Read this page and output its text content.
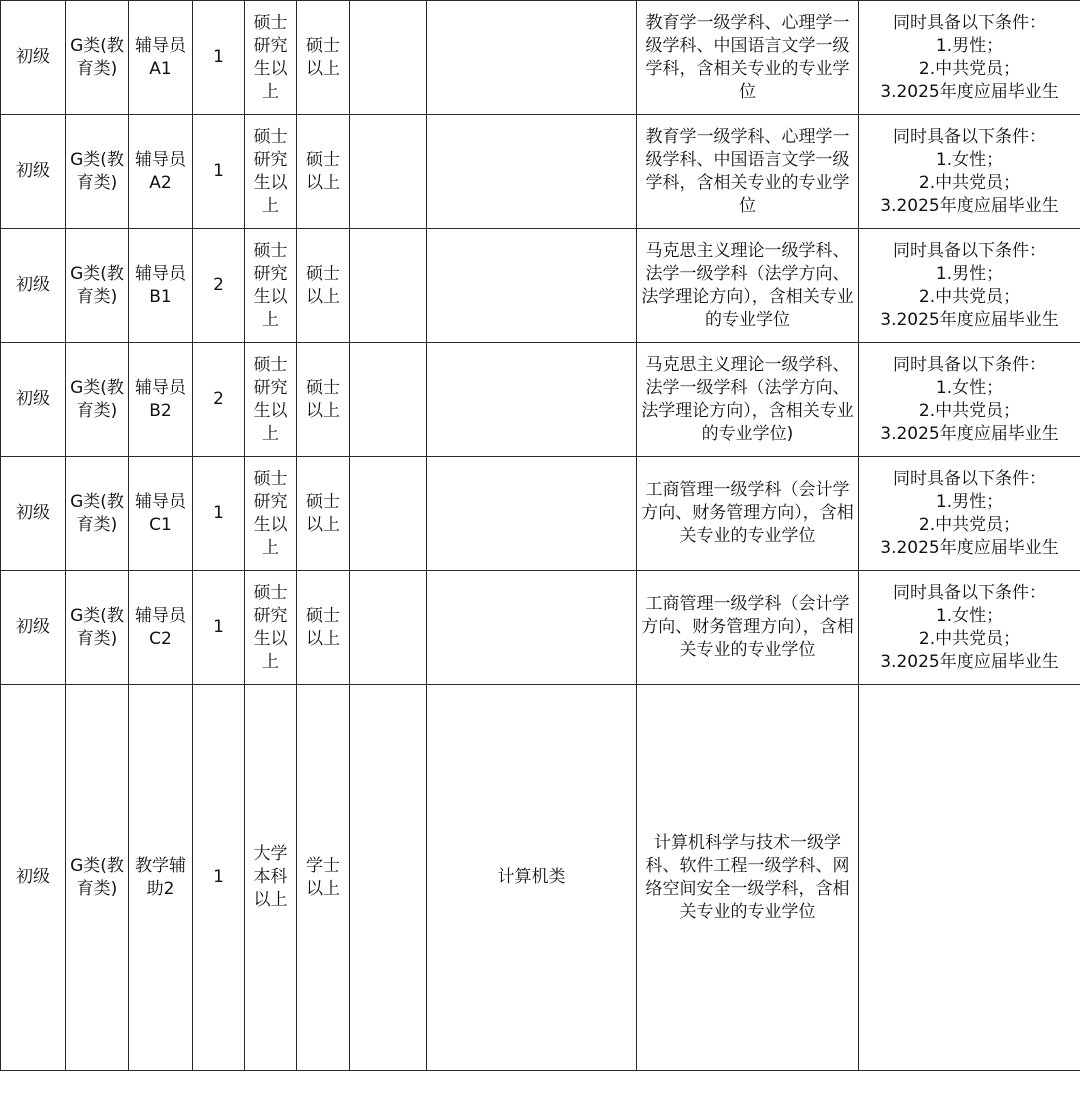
初级	G类(教育类)	辅导员A1	1	硕士研究生以上	硕士以上			教育学一级学科、心理学一级学科、中国语言文学一级学科，含相关专业的专业学位	同时具备以下条件：
1.男性；
2.中共党员；
3.2025年度应届毕业生

初级	G类(教育类)	辅导员A2	1	硕士研究生以上	硕士以上			教育学一级学科、心理学一级学科、中国语言文学一级学科，含相关专业的专业学位	同时具备以下条件：
1.女性；
2.中共党员；
3.2025年度应届毕业生

初级	G类(教育类)	辅导员B1	2	硕士研究生以上	硕士以上			马克思主义理论一级学科、法学一级学科（法学方向、法学理论方向），含相关专业的专业学位	同时具备以下条件：
1.男性；
2.中共党员；
3.2025年度应届毕业生

初级	G类(教育类)	辅导员B2	2	硕士研究生以上	硕士以上			马克思主义理论一级学科、法学一级学科（法学方向、法学理论方向），含相关专业的专业学位)	同时具备以下条件：
1.女性；
2.中共党员；
3.2025年度应届毕业生

初级	G类(教育类)	辅导员C1	1	硕士研究生以上	硕士以上			工商管理一级学科（会计学方向、财务管理方向），含相关专业的专业学位	同时具备以下条件：
1.男性；
2.中共党员；
3.2025年度应届毕业生

初级	G类(教育类)	辅导员C2	1	硕士研究生以上	硕士以上			工商管理一级学科（会计学方向、财务管理方向），含相关专业的专业学位	同时具备以下条件：
1.女性；
2.中共党员；
3.2025年度应届毕业生

初级	G类(教育类)	教学辅助2	1	大学本科以上	学士以上		计算机类	计算机科学与技术一级学科、软件工程一级学科、网络空间安全一级学科，含相关专业的专业学位	
